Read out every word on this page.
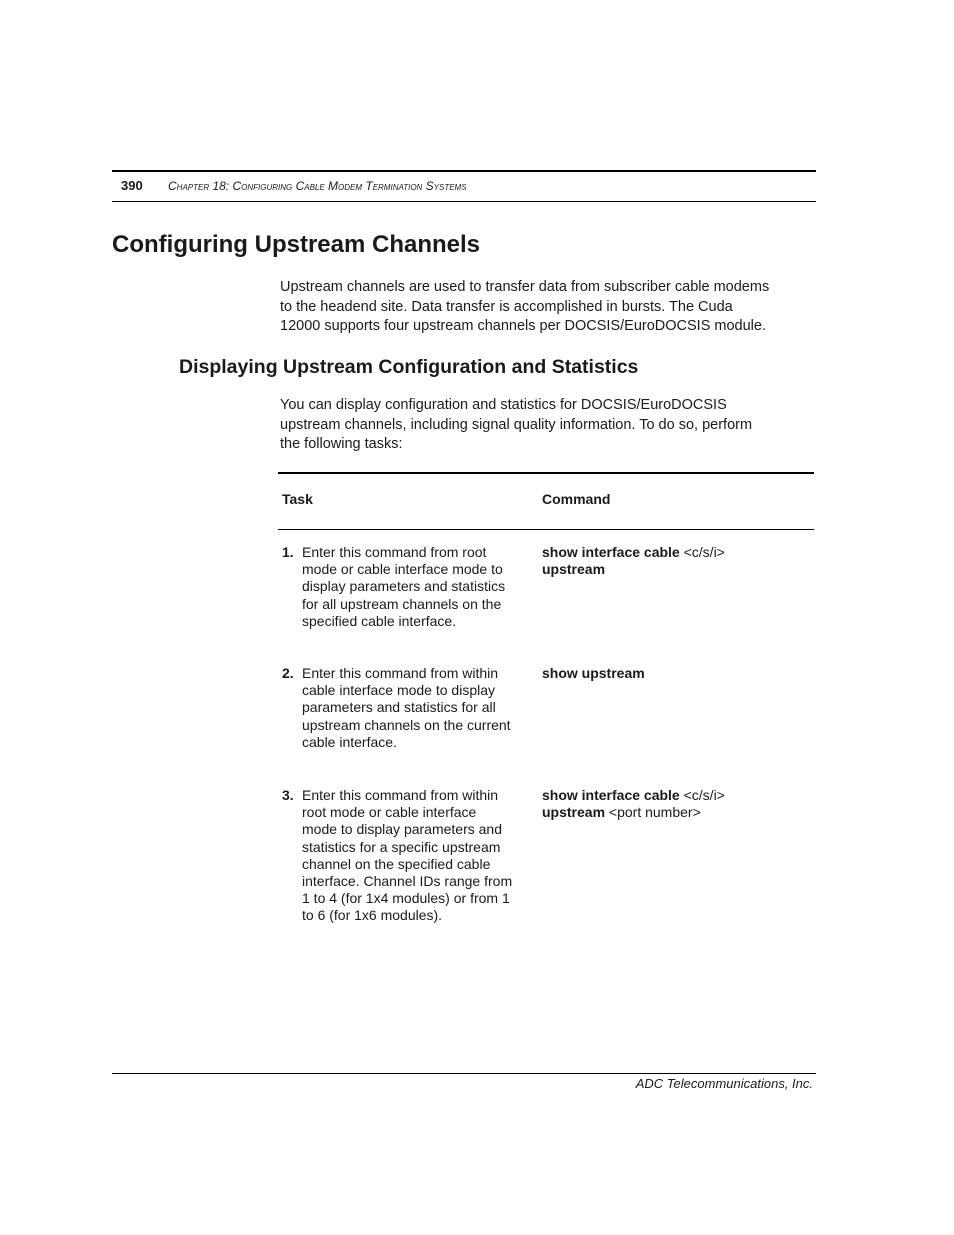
390 Chapter 18: Configuring Cable Modem Termination Systems
Configuring Upstream Channels

Upstream channels are used to transfer data from subscriber cable modems
to the headend site. Data transfer is accomplished in bursts. The Cuda
12000 supports four upstream channels per DOCSIS/EuroDOCSIS module.

Displaying Upstream Configuration and Statistics

You can display configuration and statistics for DOCSIS/EuroDOCSIS
upstream channels, including signal quality information. To do so, perform
the following tasks:

Task	Command
1. Enter this command from root
mode or cable interface mode to
display parameters and statistics
for all upstream channels on the
specified cable interface.
show interface cable <c/s/i>
upstream
2. Enter this command from within
cable interface mode to display
parameters and statistics for all
upstream channels on the current
cable interface.
show upstream
3. Enter this command from within
root mode or cable interface
mode to display parameters and
statistics for a specific upstream
channel on the specified cable
interface. Channel IDs range from
1 to 4 (for 1x4 modules) or from 1
to 6 (for 1x6 modules).
show interface cable <c/s/i>
upstream <port number>
ADC Telecommunications, Inc.
